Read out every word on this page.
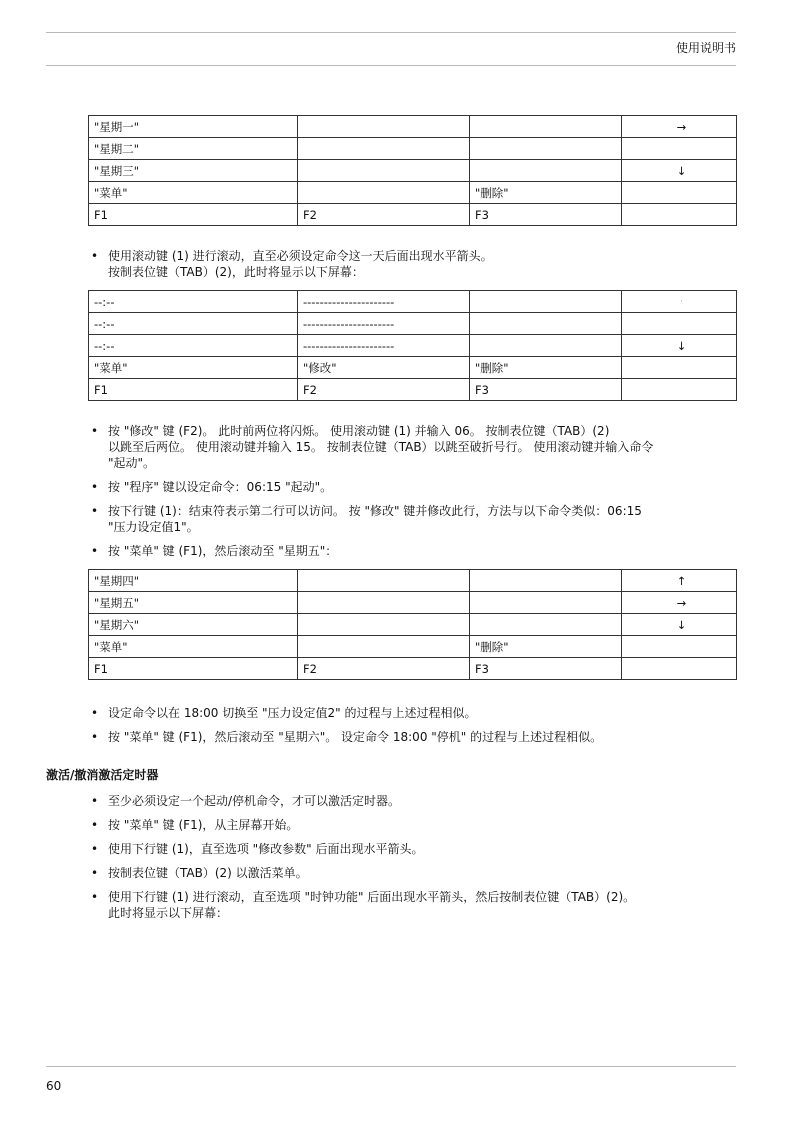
使用说明书
"星期一"			→
"星期二"			
"星期三"			↓
"菜单"		"删除"	
F1	F2	F3	
• 使用滚动键 (1) 进行滚动，直至必须设定命令这一天后面出现水平箭头。
按制表位键（TAB）(2)，此时将显示以下屏幕：
--:--	----------------------		·
--:--	----------------------		
--:--	----------------------		↓
"菜单"	"修改"	"删除"	
F1	F2	F3	
• 按 "修改" 键 (F2)。 此时前两位将闪烁。 使用滚动键 (1) 并输入 06。 按制表位键（TAB）(2)
以跳至后两位。 使用滚动键并输入 15。 按制表位键（TAB）以跳至破折号行。 使用滚动键并输入命令
"起动"。
• 按 "程序" 键以设定命令：06:15 "起动"。
• 按下行键 (1)：结束符表示第二行可以访问。 按 "修改" 键并修改此行，方法与以下命令类似：06:15
"压力设定值1"。
• 按 "菜单" 键 (F1)，然后滚动至 "星期五"：
"星期四"			↑
"星期五"			→
"星期六"			↓
"菜单"		"删除"	
F1	F2	F3	
• 设定命令以在 18:00 切换至 "压力设定值2" 的过程与上述过程相似。
• 按 "菜单" 键 (F1)，然后滚动至 "星期六"。 设定命令 18:00 "停机" 的过程与上述过程相似。
激活/撤消激活定时器
• 至少必须设定一个起动/停机命令，才可以激活定时器。
• 按 "菜单" 键 (F1)，从主屏幕开始。
• 使用下行键 (1)，直至选项 "修改参数" 后面出现水平箭头。
• 按制表位键（TAB）(2) 以激活菜单。
• 使用下行键 (1) 进行滚动，直至选项 "时钟功能" 后面出现水平箭头，然后按制表位键（TAB）(2)。
此时将显示以下屏幕：
60
